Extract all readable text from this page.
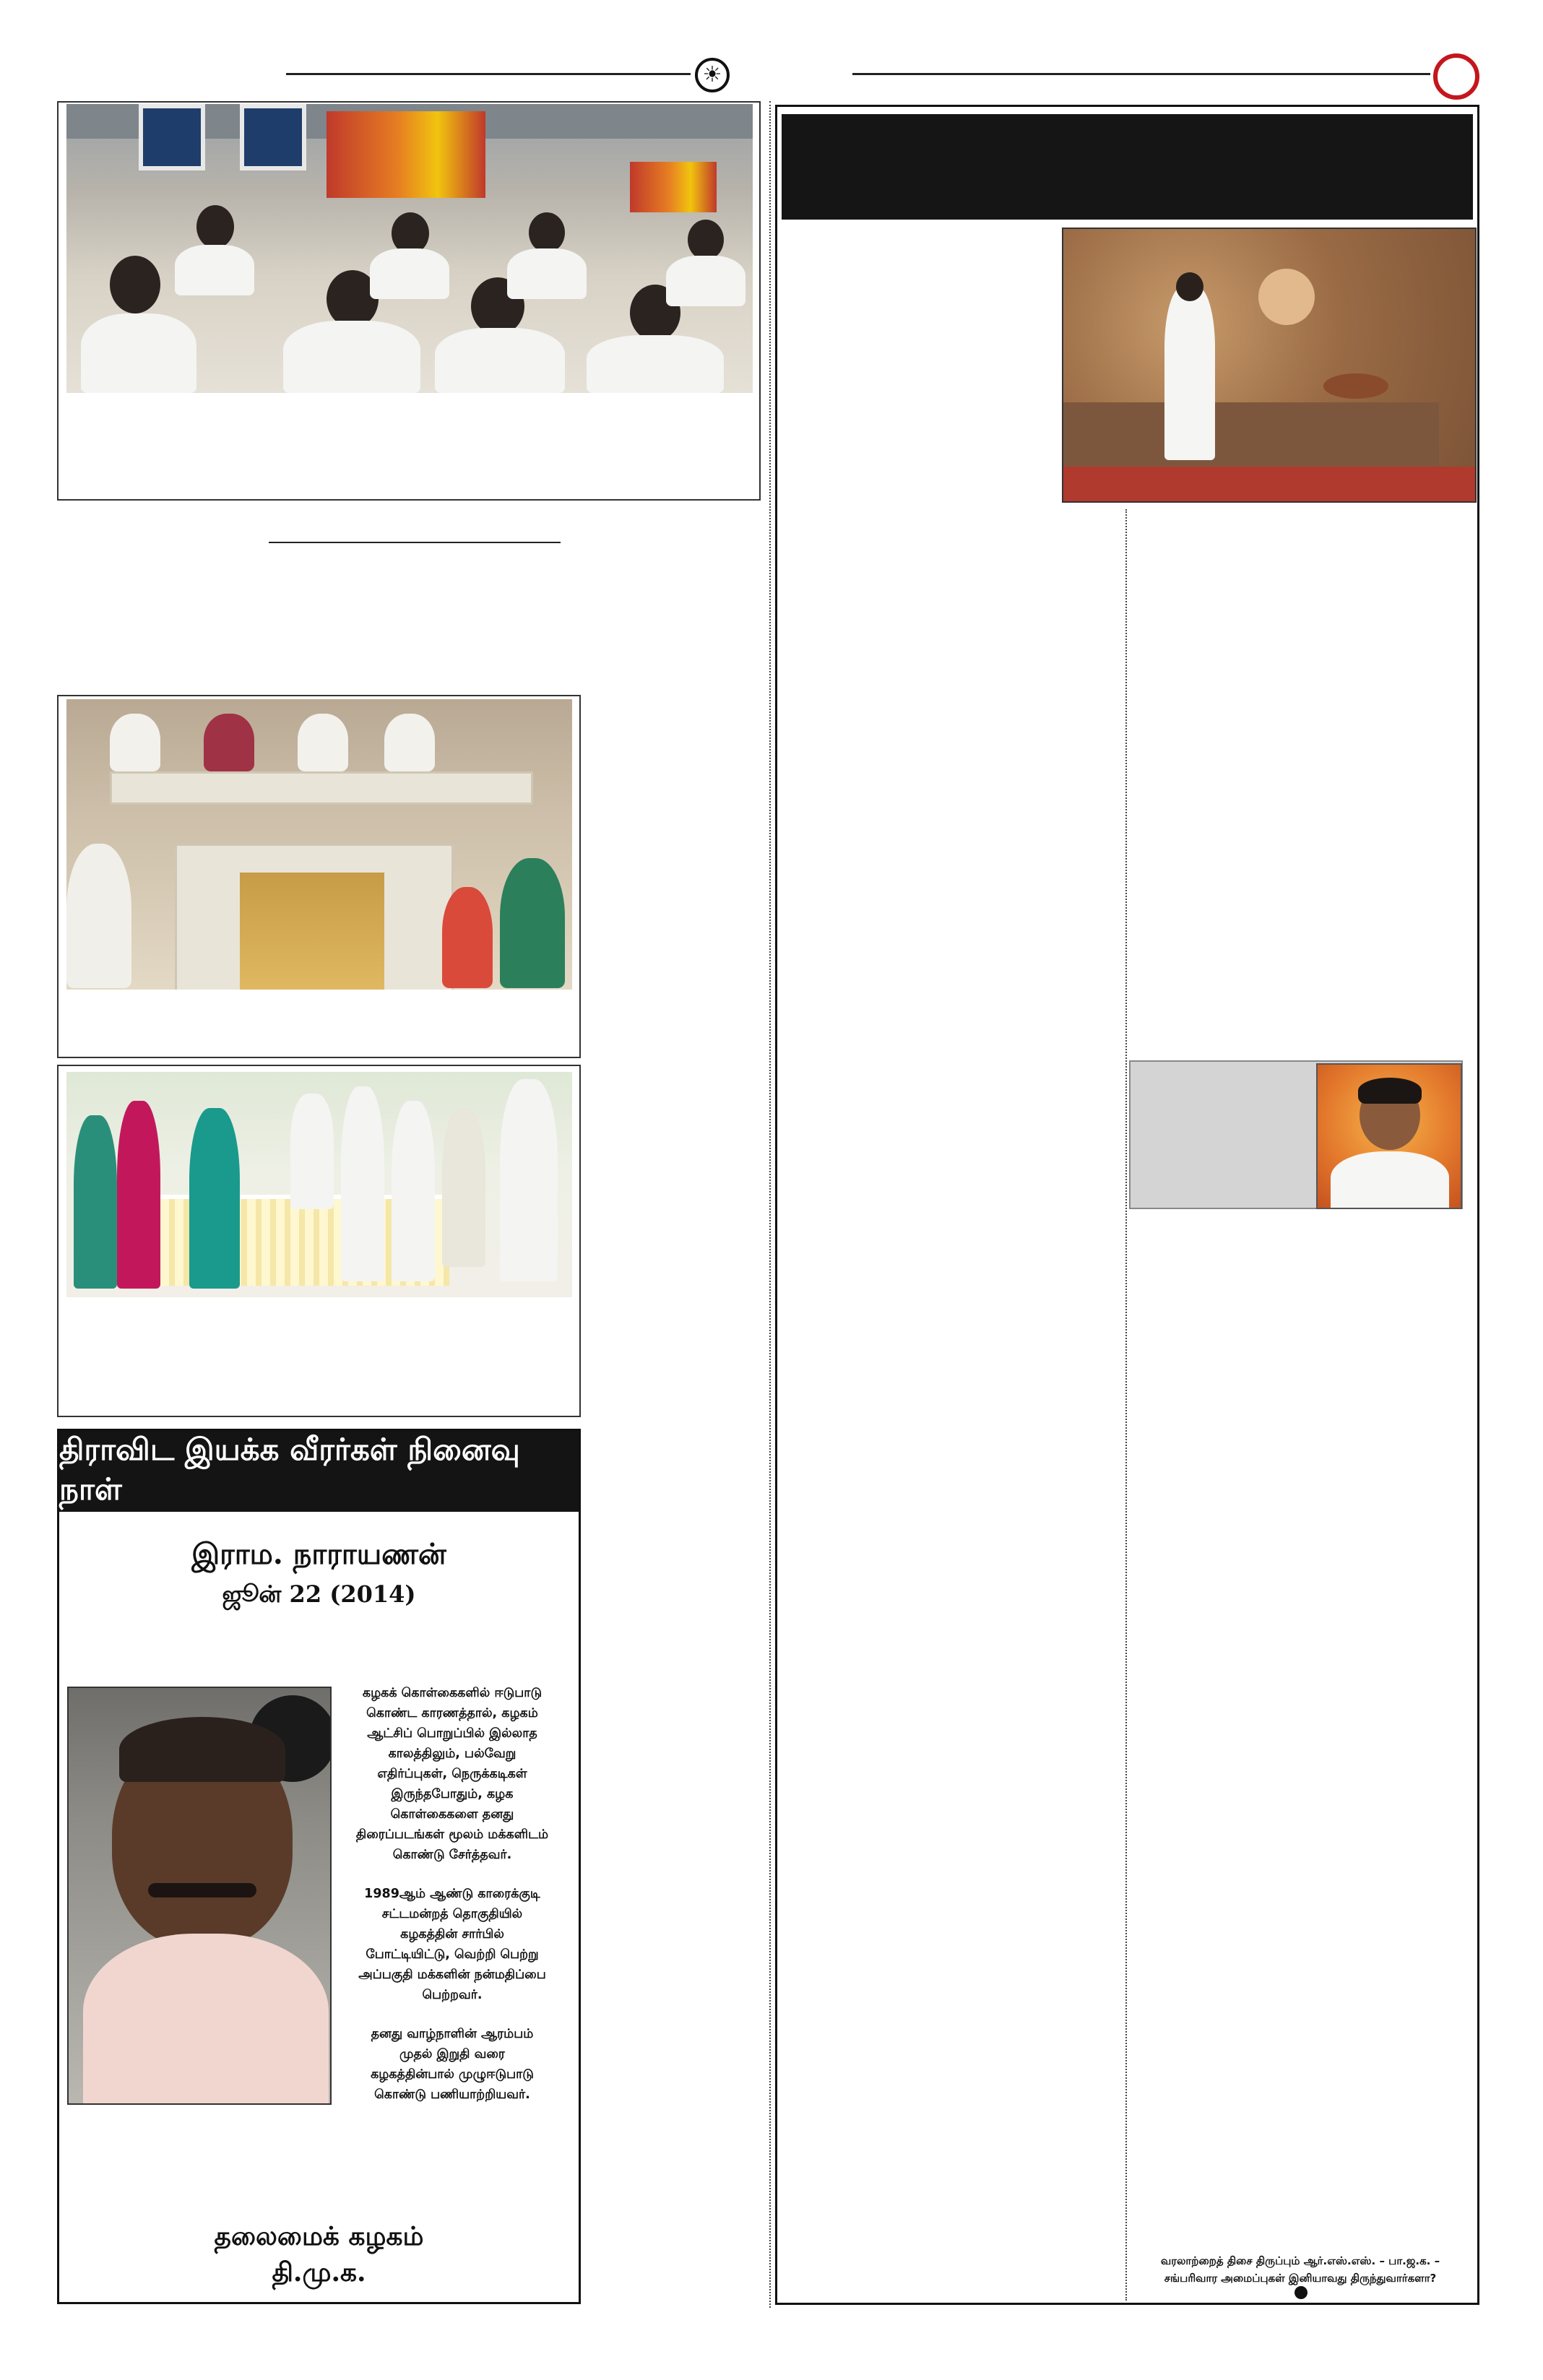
☀
திராவிட இயக்க வீரர்கள் நினைவு நாள்
இராம. நாராயணன்
ஜூன் 22 (2014)
கழகக் கொள்கைகளில் ஈடுபாடு
கொண்ட காரணத்தால், கழகம்
ஆட்சிப் பொறுப்பில் இல்லாத
காலத்திலும், பல்வேறு
எதிர்ப்புகள், நெருக்கடிகள்
இருந்தபோதும், கழக
கொள்கைகளை தனது
திரைப்படங்கள் மூலம் மக்களிடம்
கொண்டு சேர்த்தவர்.
1989ஆம் ஆண்டு காரைக்குடி
சட்டமன்றத் தொகுதியில்
கழகத்தின் சார்பில்
போட்டியிட்டு, வெற்றி பெற்று
அப்பகுதி மக்களின் நன்மதிப்பை
பெற்றவர்.
தனது வாழ்நாளின் ஆரம்பம்
முதல் இறுதி வரை
கழகத்தின்பால் முழுஈடுபாடு
கொண்டு பணியாற்றியவர்.
தலைமைக் கழகம்
தி.மு.க.	வரலாற்றைத் திசை திருப்பும் ஆர்.எஸ்.எஸ். – பா.ஜ.க. –
சங்பரிவார அமைப்புகள் இனியாவது திருந்துவார்களா?
